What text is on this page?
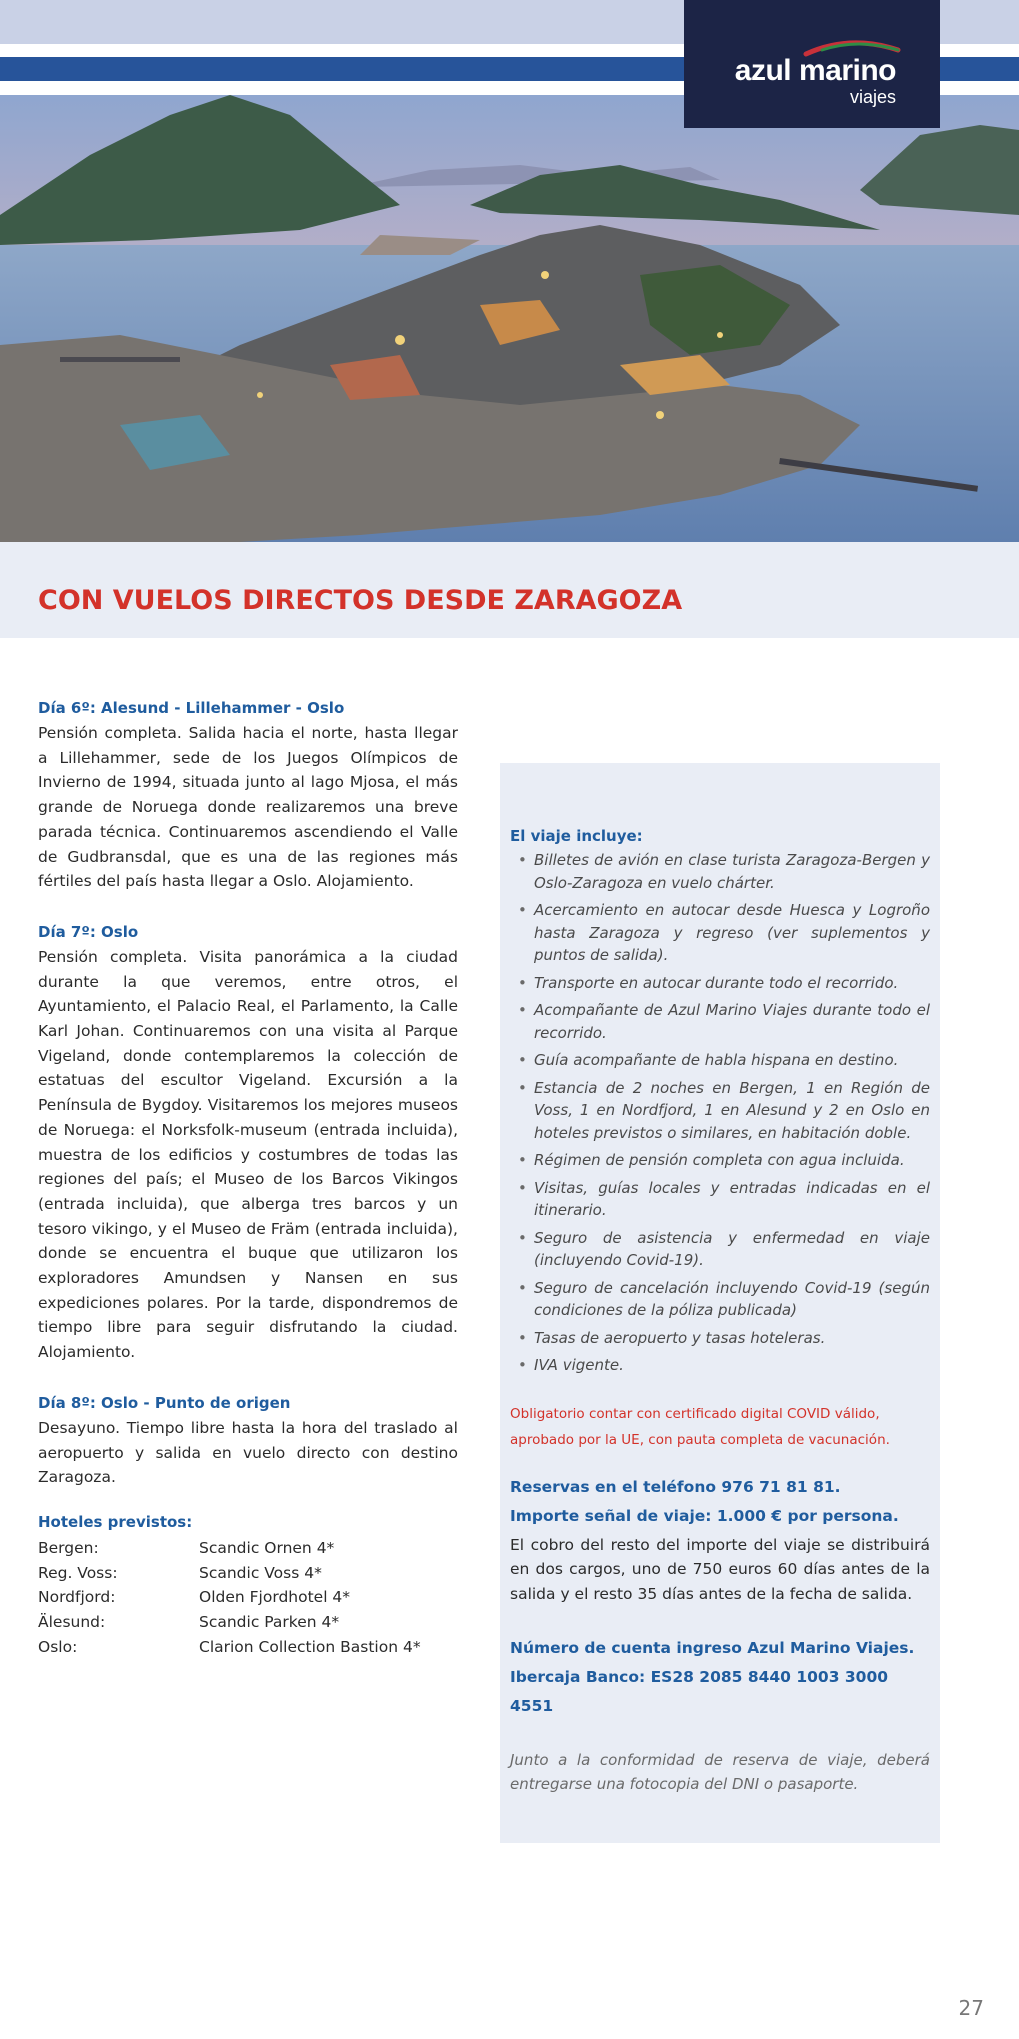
azul marino
viajes
CON VUELOS DIRECTOS DESDE ZARAGOZA
Día 6º: Alesund - Lillehammer - Oslo

Pensión completa. Salida hacia el norte, hasta llegar a Lillehammer, sede de los Juegos Olímpicos de Invierno de 1994, situada junto al lago Mjosa, el más grande de Noruega donde realizaremos una breve parada técnica. Continuaremos ascendiendo el Valle de Gudbransdal, que es una de las regiones más fértiles del país hasta llegar a Oslo. Alojamiento.

Día 7º: Oslo

Pensión completa. Visita panorámica a la ciudad durante la que veremos, entre otros, el Ayuntamiento, el Palacio Real, el Parlamento, la Calle Karl Johan. Continuaremos con una visita al Parque Vigeland, donde contemplaremos la colección de estatuas del escultor Vigeland. Excursión a la Península de Bygdoy. Visitaremos los mejores museos de Noruega: el Norksfolk-museum (entrada incluida), muestra de los edificios y costumbres de todas las regiones del país; el Museo de los Barcos Vikingos (entrada incluida), que alberga tres barcos y un tesoro vikingo, y el Museo de Främ (entrada incluida), donde se encuentra el buque que utilizaron los exploradores Amundsen y Nansen en sus expediciones polares. Por la tarde, dispondremos de tiempo libre para seguir disfrutando la ciudad. Alojamiento.

Día 8º: Oslo - Punto de origen

Desayuno. Tiempo libre hasta la hora del traslado al aeropuerto y salida en vuelo directo con destino Zaragoza.

Hoteles previstos:
Bergen:	Scandic Ornen 4*
Reg. Voss:	Scandic Voss 4*
Nordfjord:	Olden Fjordhotel 4*
Älesund:	Scandic Parken 4*
Oslo:	Clarion Collection Bastion 4*
El viaje incluye:
• Billetes de avión en clase turista Zaragoza-Bergen y Oslo-Zaragoza en vuelo chárter.
• Acercamiento en autocar desde Huesca y Logroño hasta Zaragoza y regreso (ver suplementos y puntos de salida).
• Transporte en autocar durante todo el recorrido.
• Acompañante de Azul Marino Viajes durante todo el recorrido.
• Guía acompañante de habla hispana en destino.
• Estancia de 2 noches en Bergen, 1 en Región de Voss, 1 en Nordfjord, 1 en Alesund y 2 en Oslo en hoteles previstos o similares, en habitación doble.
• Régimen de pensión completa con agua incluida.
• Visitas, guías locales y entradas indicadas en el itinerario.
• Seguro de asistencia y enfermedad en viaje (incluyendo Covid-19).
• Seguro de cancelación incluyendo Covid-19 (según condiciones de la póliza publicada)
• Tasas de aeropuerto y tasas hoteleras.
• IVA vigente.

Obligatorio contar con certificado digital COVID válido, aprobado por la UE, con pauta completa de vacunación.

Reservas en el teléfono 976 71 81 81.
Importe señal de viaje: 1.000 € por persona.

El cobro del resto del importe del viaje se distribuirá en dos cargos, uno de 750 euros 60 días antes de la salida y el resto 35 días antes de la fecha de salida.

Número de cuenta ingreso Azul Marino Viajes.
Ibercaja Banco: ES28 2085 8440 1003 3000 4551

Junto a la conformidad de reserva de viaje, deberá entregarse una fotocopia del DNI o pasaporte.

27
